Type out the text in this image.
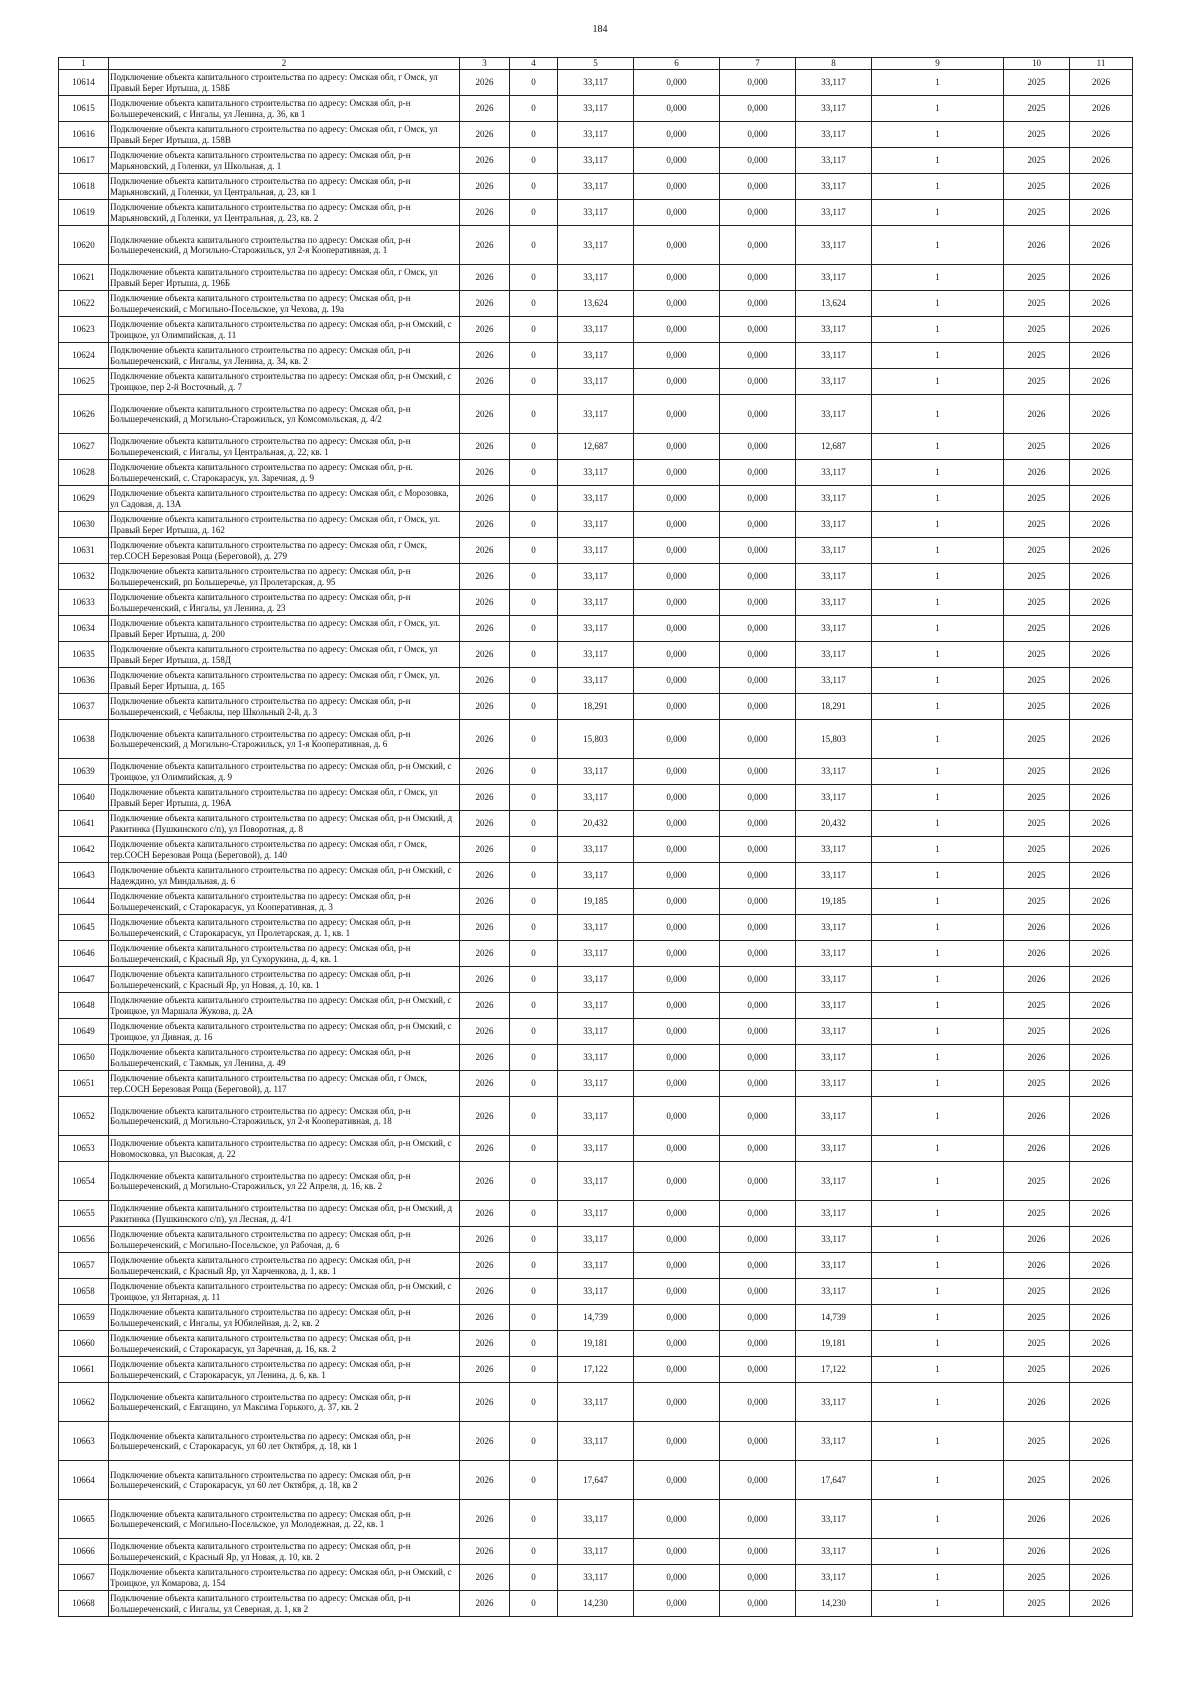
184
1	2	3	4	5	6	7	8	9	10	11
10614	Подключение объекта капитального строительства по адресу: Омская обл, г Омск, ул Правый Берег Иртыша, д. 158Б	2026	0	33,117	0,000	0,000	33,117	1	2025	2026
10615	Подключение объекта капитального строительства по адресу: Омская обл, р-н Большереченский, с Ингалы, ул Ленина, д. 36, кв 1	2026	0	33,117	0,000	0,000	33,117	1	2025	2026
10616	Подключение объекта капитального строительства по адресу: Омская обл, г Омск, ул Правый Берег Иртыша, д. 158В	2026	0	33,117	0,000	0,000	33,117	1	2025	2026
10617	Подключение объекта капитального строительства по адресу: Омская обл, р-н Марьяновский, д Голенки, ул Школьная, д. 1	2026	0	33,117	0,000	0,000	33,117	1	2025	2026
10618	Подключение объекта капитального строительства по адресу: Омская обл, р-н Марьяновский, д Голенки, ул Центральная, д. 23, кв 1	2026	0	33,117	0,000	0,000	33,117	1	2025	2026
10619	Подключение объекта капитального строительства по адресу: Омская обл, р-н Марьяновский, д Голенки, ул Центральная, д. 23, кв. 2	2026	0	33,117	0,000	0,000	33,117	1	2025	2026
10620	Подключение объекта капитального строительства по адресу: Омская обл, р-н Большереченский, д Могильно-Старожильск, ул 2-я Кооперативная, д. 1	2026	0	33,117	0,000	0,000	33,117	1	2026	2026
10621	Подключение объекта капитального строительства по адресу: Омская обл, г Омск, ул Правый Берег Иртыша, д. 196Б	2026	0	33,117	0,000	0,000	33,117	1	2025	2026
10622	Подключение объекта капитального строительства по адресу: Омская обл, р-н Большереченский, с Могильно-Посельское, ул Чехова, д. 19а	2026	0	13,624	0,000	0,000	13,624	1	2025	2026
10623	Подключение объекта капитального строительства по адресу: Омская обл, р-н Омский, с Троицкое, ул Олимпийская, д. 11	2026	0	33,117	0,000	0,000	33,117	1	2025	2026
10624	Подключение объекта капитального строительства по адресу: Омская обл, р-н Большереченский, с Ингалы, ул Ленина, д. 34, кв. 2	2026	0	33,117	0,000	0,000	33,117	1	2025	2026
10625	Подключение объекта капитального строительства по адресу: Омская обл, р-н Омский, с Троицкое, пер 2-й Восточный, д. 7	2026	0	33,117	0,000	0,000	33,117	1	2025	2026
10626	Подключение объекта капитального строительства по адресу: Омская обл, р-н Большереченский, д Могильно-Старожильск, ул Комсомольская, д. 4/2	2026	0	33,117	0,000	0,000	33,117	1	2026	2026
10627	Подключение объекта капитального строительства по адресу: Омская обл, р-н Большереченский, с Ингалы, ул Центральная, д. 22, кв. 1	2026	0	12,687	0,000	0,000	12,687	1	2025	2026
10628	Подключение объекта капитального строительства по адресу: Омская обл, р-н. Большереченский, с. Старокарасук, ул. Заречная, д. 9	2026	0	33,117	0,000	0,000	33,117	1	2026	2026
10629	Подключение объекта капитального строительства по адресу: Омская обл, с Морозовка, ул Садовая, д. 13А	2026	0	33,117	0,000	0,000	33,117	1	2025	2026
10630	Подключение объекта капитального строительства по адресу: Омская обл, г Омск, ул. Правый Берег Иртыша, д. 162	2026	0	33,117	0,000	0,000	33,117	1	2025	2026
10631	Подключение объекта капитального строительства по адресу: Омская обл, г Омск, тер.СОСН Березовая Роща (Береговой), д. 279	2026	0	33,117	0,000	0,000	33,117	1	2025	2026
10632	Подключение объекта капитального строительства по адресу: Омская обл, р-н Большереченский, рп Большеречье, ул Пролетарская, д. 95	2026	0	33,117	0,000	0,000	33,117	1	2025	2026
10633	Подключение объекта капитального строительства по адресу: Омская обл, р-н Большереченский, с Ингалы, ул Ленина, д. 23	2026	0	33,117	0,000	0,000	33,117	1	2025	2026
10634	Подключение объекта капитального строительства по адресу: Омская обл, г Омск, ул. Правый Берег Иртыша, д. 200	2026	0	33,117	0,000	0,000	33,117	1	2025	2026
10635	Подключение объекта капитального строительства по адресу: Омская обл, г Омск, ул Правый Берег Иртыша, д. 158Д	2026	0	33,117	0,000	0,000	33,117	1	2025	2026
10636	Подключение объекта капитального строительства по адресу: Омская обл, г Омск, ул. Правый Берег Иртыша, д. 165	2026	0	33,117	0,000	0,000	33,117	1	2025	2026
10637	Подключение объекта капитального строительства по адресу: Омская обл, р-н Большереченский, с Чебаклы, пер Школьный 2-й, д. 3	2026	0	18,291	0,000	0,000	18,291	1	2025	2026
10638	Подключение объекта капитального строительства по адресу: Омская обл, р-н Большереченский, д Могильно-Старожильск, ул 1-я Кооперативная, д. 6	2026	0	15,803	0,000	0,000	15,803	1	2025	2026
10639	Подключение объекта капитального строительства по адресу: Омская обл, р-н Омский, с Троицкое, ул Олимпийская, д. 9	2026	0	33,117	0,000	0,000	33,117	1	2025	2026
10640	Подключение объекта капитального строительства по адресу: Омская обл, г Омск, ул Правый Берег Иртыша, д. 196А	2026	0	33,117	0,000	0,000	33,117	1	2025	2026
10641	Подключение объекта капитального строительства по адресу: Омская обл, р-н Омский, д Ракитинка (Пушкинского с/п), ул Поворотная, д. 8	2026	0	20,432	0,000	0,000	20,432	1	2025	2026
10642	Подключение объекта капитального строительства по адресу: Омская обл, г Омск, тер.СОСН Березовая Роща (Береговой), д. 140	2026	0	33,117	0,000	0,000	33,117	1	2025	2026
10643	Подключение объекта капитального строительства по адресу: Омская обл, р-н Омский, с Надеждино, ул Миндальная, д. 6	2026	0	33,117	0,000	0,000	33,117	1	2025	2026
10644	Подключение объекта капитального строительства по адресу: Омская обл, р-н Большереченский, с Старокарасук, ул Кооперативная, д. 3	2026	0	19,185	0,000	0,000	19,185	1	2025	2026
10645	Подключение объекта капитального строительства по адресу: Омская обл, р-н Большереченский, с Старокарасук, ул Пролетарская, д. 1, кв. 1	2026	0	33,117	0,000	0,000	33,117	1	2026	2026
10646	Подключение объекта капитального строительства по адресу: Омская обл, р-н Большереченский, с Красный Яр, ул Сухорукина, д. 4, кв. 1	2026	0	33,117	0,000	0,000	33,117	1	2026	2026
10647	Подключение объекта капитального строительства по адресу: Омская обл, р-н Большереченский, с Красный Яр, ул Новая, д. 10, кв. 1	2026	0	33,117	0,000	0,000	33,117	1	2026	2026
10648	Подключение объекта капитального строительства по адресу: Омская обл, р-н Омский, с Троицкое, ул Маршала Жукова, д. 2А	2026	0	33,117	0,000	0,000	33,117	1	2025	2026
10649	Подключение объекта капитального строительства по адресу: Омская обл, р-н Омский, с Троицкое, ул Дивная, д. 16	2026	0	33,117	0,000	0,000	33,117	1	2025	2026
10650	Подключение объекта капитального строительства по адресу: Омская обл, р-н Большереченский, с Такмык, ул Ленина, д. 49	2026	0	33,117	0,000	0,000	33,117	1	2026	2026
10651	Подключение объекта капитального строительства по адресу: Омская обл, г Омск, тер.СОСН Березовая Роща (Береговой), д. 117	2026	0	33,117	0,000	0,000	33,117	1	2025	2026
10652	Подключение объекта капитального строительства по адресу: Омская обл, р-н Большереченский, д Могильно-Старожильск, ул 2-я Кооперативная, д. 18	2026	0	33,117	0,000	0,000	33,117	1	2026	2026
10653	Подключение объекта капитального строительства по адресу: Омская обл, р-н Омский, с Новомосковка, ул Высокая, д. 22	2026	0	33,117	0,000	0,000	33,117	1	2026	2026
10654	Подключение объекта капитального строительства по адресу: Омская обл, р-н Большереченский, д Могильно-Старожильск, ул 22 Апреля, д. 16, кв. 2	2026	0	33,117	0,000	0,000	33,117	1	2025	2026
10655	Подключение объекта капитального строительства по адресу: Омская обл, р-н Омский, д Ракитинка (Пушкинского с/п), ул Лесная, д. 4/1	2026	0	33,117	0,000	0,000	33,117	1	2025	2026
10656	Подключение объекта капитального строительства по адресу: Омская обл, р-н Большереченский, с Могильно-Посельское, ул Рабочая, д. 6	2026	0	33,117	0,000	0,000	33,117	1	2026	2026
10657	Подключение объекта капитального строительства по адресу: Омская обл, р-н Большереченский, с Красный Яр, ул Харченкова, д. 1, кв. 1	2026	0	33,117	0,000	0,000	33,117	1	2026	2026
10658	Подключение объекта капитального строительства по адресу: Омская обл, р-н Омский, с Троицкое, ул Янтарная, д. 11	2026	0	33,117	0,000	0,000	33,117	1	2025	2026
10659	Подключение объекта капитального строительства по адресу: Омская обл, р-н Большереченский, с Ингалы, ул Юбилейная, д. 2, кв. 2	2026	0	14,739	0,000	0,000	14,739	1	2025	2026
10660	Подключение объекта капитального строительства по адресу: Омская обл, р-н Большереченский, с Старокарасук, ул Заречная, д. 16, кв. 2	2026	0	19,181	0,000	0,000	19,181	1	2025	2026
10661	Подключение объекта капитального строительства по адресу: Омская обл, р-н Большереченский, с Старокарасук, ул Ленина, д. 6, кв. 1	2026	0	17,122	0,000	0,000	17,122	1	2025	2026
10662	Подключение объекта капитального строительства по адресу: Омская обл, р-н Большереченский, с Евгащино, ул Максима Горького, д. 37, кв. 2	2026	0	33,117	0,000	0,000	33,117	1	2026	2026
10663	Подключение объекта капитального строительства по адресу: Омская обл, р-н Большереченский, с Старокарасук, ул 60 лет Октября, д. 18, кв 1	2026	0	33,117	0,000	0,000	33,117	1	2025	2026
10664	Подключение объекта капитального строительства по адресу: Омская обл, р-н Большереченский, с Старокарасук, ул 60 лет Октября, д. 18, кв 2	2026	0	17,647	0,000	0,000	17,647	1	2025	2026
10665	Подключение объекта капитального строительства по адресу: Омская обл, р-н Большереченский, с Могильно-Посельское, ул Молодежная, д. 22, кв. 1	2026	0	33,117	0,000	0,000	33,117	1	2026	2026
10666	Подключение объекта капитального строительства по адресу: Омская обл, р-н Большереченский, с Красный Яр, ул Новая, д. 10, кв. 2	2026	0	33,117	0,000	0,000	33,117	1	2026	2026
10667	Подключение объекта капитального строительства по адресу: Омская обл, р-н Омский, с Троицкое, ул Комарова, д. 154	2026	0	33,117	0,000	0,000	33,117	1	2025	2026
10668	Подключение объекта капитального строительства по адресу: Омская обл, р-н Большереченский, с Ингалы, ул Северная, д. 1, кв 2	2026	0	14,230	0,000	0,000	14,230	1	2025	2026
